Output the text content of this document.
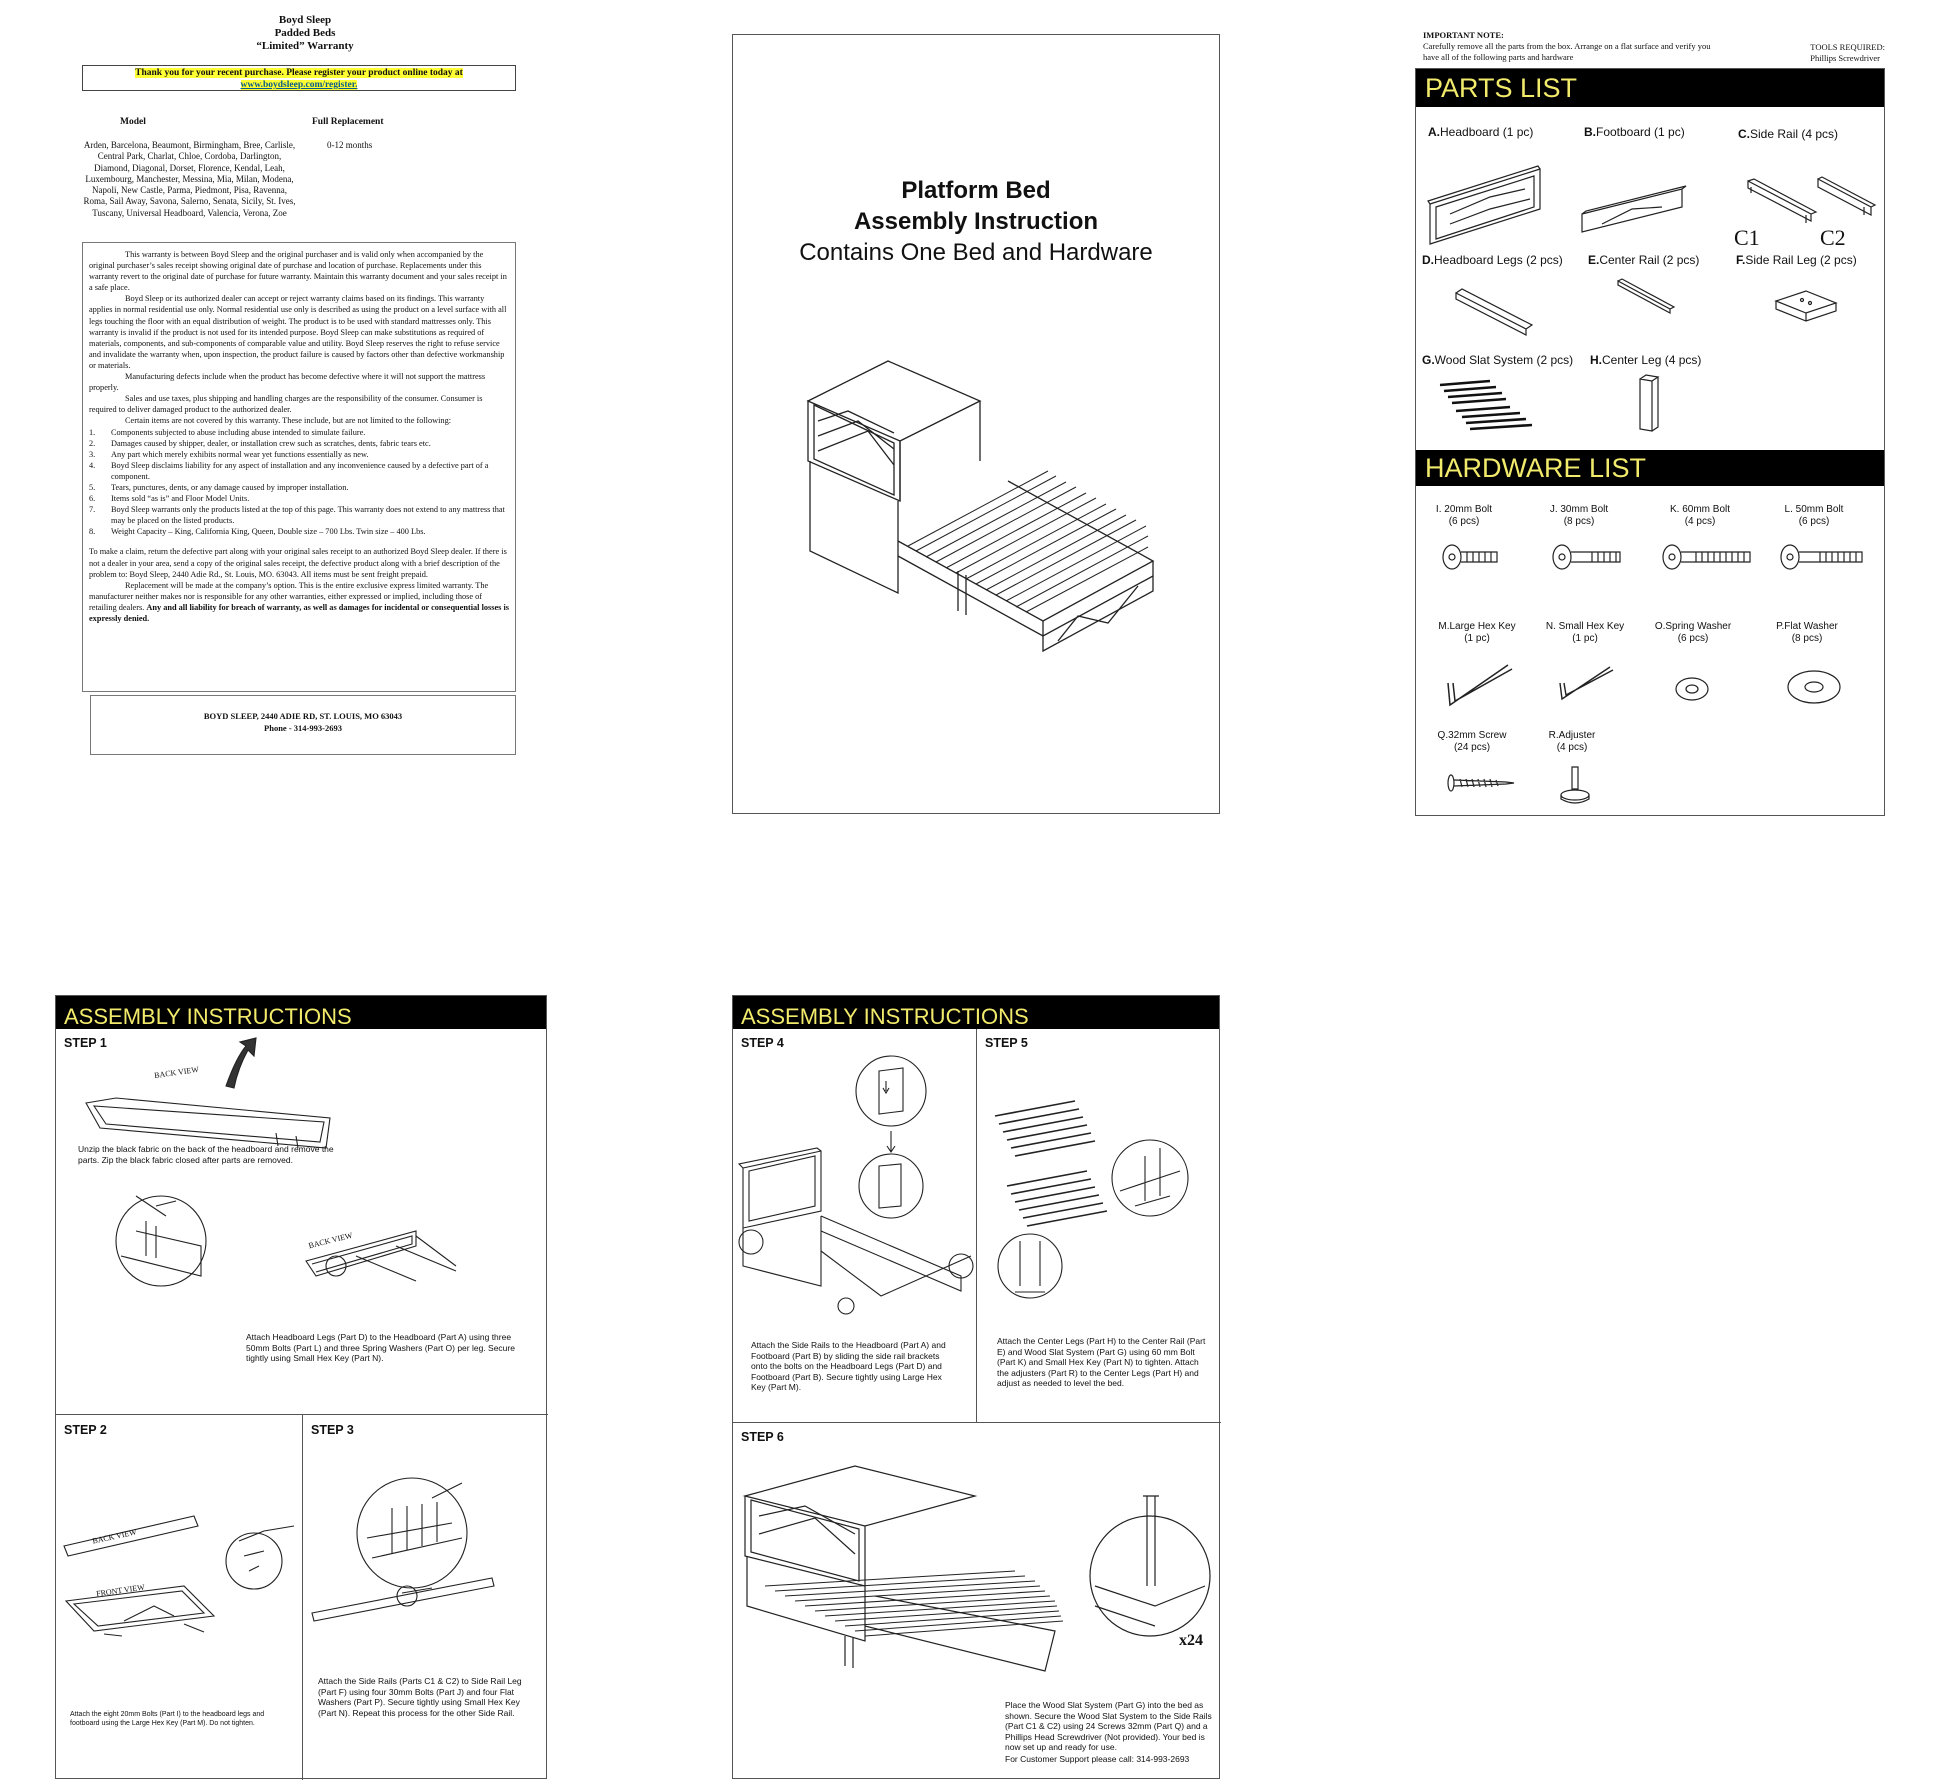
Boyd Sleep
Padded Beds
“Limited” Warranty
Thank you for your recent purchase. Please register your product online today at
www.boydsleep.com/register.
Model	Full Replacement
Arden, Barcelona, Beaumont, Birmingham, Bree, Carlisle, Central Park, Charlat, Chloe, Cordoba, Darlington, Diamond, Diagonal, Dorset, Florence, Kendal, Leah, Luxembourg, Manchester, Messina, Mia, Milan, Modena, Napoli, New Castle, Parma, Piedmont, Pisa, Ravenna, Roma, Sail Away, Savona, Salerno, Senata, Sicily, St. Ives, Tuscany, Universal Headboard, Valencia, Verona, Zoe
0-12 months

This warranty is between Boyd Sleep and the original purchaser and is valid only when accompanied by the original purchaser’s sales receipt showing original date of purchase and location of purchase. Replacements under this warranty revert to the original date of purchase for future warranty. Maintain this warranty document and your sales receipt in a safe place.

Boyd Sleep or its authorized dealer can accept or reject warranty claims based on its findings. This warranty applies in normal residential use only. Normal residential use only is described as using the product on a level surface with all legs touching the floor with an equal distribution of weight. The product is to be used with standard mattresses only. This warranty is invalid if the product is not used for its intended purpose. Boyd Sleep can make substitutions as required of materials, components, and sub-components of comparable value and utility. Boyd Sleep reserves the right to refuse service and invalidate the warranty when, upon inspection, the product failure is caused by factors other than defective workmanship or materials.

Manufacturing defects include when the product has become defective where it will not support the mattress properly.

Sales and use taxes, plus shipping and handling charges are the responsibility of the consumer. Consumer is required to deliver damaged product to the authorized dealer.

Certain items are not covered by this warranty. These include, but are not limited to the following:

1. Components subjected to abuse including abuse intended to simulate failure.

2. Damages caused by shipper, dealer, or installation crew such as scratches, dents, fabric tears etc.

3. Any part which merely exhibits normal wear yet functions essentially as new.

4. Boyd Sleep disclaims liability for any aspect of installation and any inconvenience caused by a defective part of a component.

5. Tears, punctures, dents, or any damage caused by improper installation.

6. Items sold “as is” and Floor Model Units.

7. Boyd Sleep warrants only the products listed at the top of this page. This warranty does not extend to any mattress that may be placed on the listed products.

8. Weight Capacity – King, California King, Queen, Double size – 700 Lbs. Twin size – 400 Lbs.

To make a claim, return the defective part along with your original sales receipt to an authorized Boyd Sleep dealer. If there is not a dealer in your area, send a copy of the original sales receipt, the defective product along with a brief description of the problem to: Boyd Sleep, 2440 Adie Rd., St. Louis, MO. 63043. All items must be sent freight prepaid.

Replacement will be made at the company’s option. This is the entire exclusive express limited warranty. The manufacturer neither makes nor is responsible for any other warranties, either expressed or implied, including those of retailing dealers. Any and all liability for breach of warranty, as well as damages for incidental or consequential losses is expressly denied.

BOYD SLEEP, 2440 ADIE RD, ST. LOUIS, MO 63043
Phone - 314-993-2693
Platform Bed
Assembly Instruction
Contains One Bed and Hardware
IMPORTANT NOTE:
Carefully remove all the parts from the box. Arrange on a flat surface and verify you have all of the following parts and hardware
TOOLS REQUIRED:
Phillips Screwdriver
PARTS LIST
A.Headboard (1 pc)	B.Footboard (1 pc)	C.Side Rail (4 pcs)
C1	C2
D.Headboard Legs (2 pcs) E.Center Rail (2 pcs)	F.Side Rail Leg (2 pcs)
G.Wood Slat System (2 pcs) H.Center Leg (4 pcs)
HARDWARE LIST
I. 20mm Bolt
(6 pcs)
J. 30mm Bolt
(8 pcs)
K. 60mm Bolt
(4 pcs)
L. 50mm Bolt
(6 pcs)
M.Large Hex Key
(1 pc)
N. Small Hex Key
(1 pc)
O.Spring Washer
(6 pcs)
P.Flat Washer
(8 pcs)
Q.32mm Screw
(24 pcs)
R.Adjuster
(4 pcs)
ASSEMBLY INSTRUCTIONS
STEP 1
BACK VIEW
Unzip the black fabric on the back of the headboard and remove the parts. Zip the black fabric closed after parts are removed.
BACK VIEW
Attach Headboard Legs (Part D) to the Headboard (Part A) using three 50mm Bolts (Part L) and three Spring Washers (Part O) per leg. Secure tightly using Small Hex Key (Part N).
STEP 2
BACK VIEW
FRONT VIEW
Attach the eight 20mm Bolts (Part I) to the headboard legs and footboard using the Large Hex Key (Part M). Do not tighten.
STEP 3
Attach the Side Rails (Parts C1 & C2) to Side Rail Leg (Part F) using four 30mm Bolts (Part J) and four Flat Washers (Part P). Secure tightly using Small Hex Key (Part N). Repeat this process for the other Side Rail.
ASSEMBLY INSTRUCTIONS
STEP 4
Attach the Side Rails to the Headboard (Part A) and Footboard (Part B) by sliding the side rail brackets onto the bolts on the Headboard Legs (Part D) and Footboard (Part B). Secure tightly using Large Hex Key (Part M).
STEP 5
Attach the Center Legs (Part H) to the Center Rail (Part E) and Wood Slat System (Part G) using 60 mm Bolt (Part K) and Small Hex Key (Part N) to tighten. Attach the adjusters (Part R) to the Center Legs (Part H) and adjust as needed to level the bed.
STEP 6
x24
Place the Wood Slat System (Part G) into the bed as shown. Secure the Wood Slat System to the Side Rails (Part C1 & C2) using 24 Screws 32mm (Part Q) and a Phillips Head Screwdriver (Not provided). Your bed is now set up and ready for use.
For Customer Support please call: 314-993-2693
